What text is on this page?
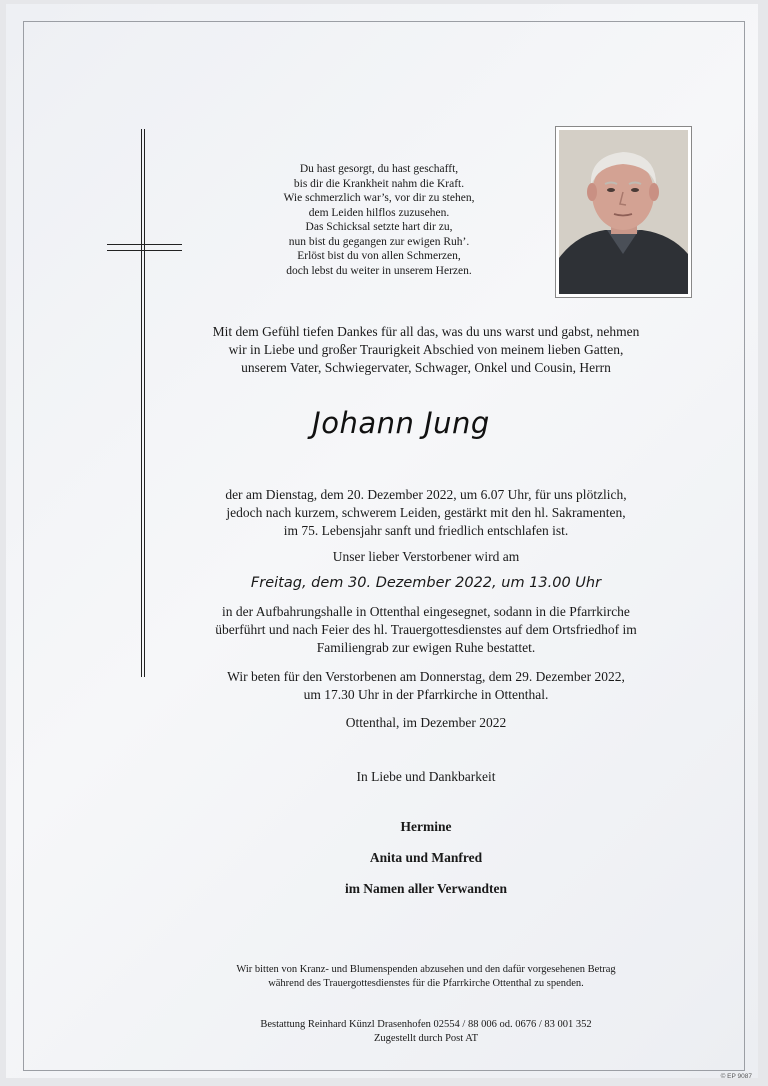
Du hast gesorgt, du hast geschafft,
bis dir die Krankheit nahm die Kraft.
Wie schmerzlich war’s, vor dir zu stehen,
dem Leiden hilflos zuzusehen.
Das Schicksal setzte hart dir zu,
nun bist du gegangen zur ewigen Ruh’.
Erlöst bist du von allen Schmerzen,
doch lebst du weiter in unserem Herzen.
Mit dem Gefühl tiefen Dankes für all das, was du uns warst und gabst, nehmen
wir in Liebe und großer Traurigkeit Abschied von meinem lieben Gatten,
unserem Vater, Schwiegervater, Schwager, Onkel und Cousin, Herrn
Johann Jung
der am Dienstag, dem 20. Dezember 2022, um 6.07 Uhr, für uns plötzlich,
jedoch nach kurzem, schwerem Leiden, gestärkt mit den hl. Sakramenten,
im 75. Lebensjahr sanft und friedlich entschlafen ist.
Unser lieber Verstorbener wird am
Freitag, dem 30. Dezember 2022, um 13.00 Uhr
in der Aufbahrungshalle in Ottenthal eingesegnet, sodann in die Pfarrkirche
überführt und nach Feier des hl. Trauergottesdienstes auf dem Ortsfriedhof im
Familiengrab zur ewigen Ruhe bestattet.
Wir beten für den Verstorbenen am Donnerstag, dem 29. Dezember 2022,
um 17.30 Uhr in der Pfarrkirche in Ottenthal.
Ottenthal, im Dezember 2022
In Liebe und Dankbarkeit
Hermine
Anita und Manfred
im Namen aller Verwandten
Wir bitten von Kranz- und Blumenspenden abzusehen und den dafür vorgesehenen Betrag
während des Trauergottesdienstes für die Pfarrkirche Ottenthal zu spenden.
Bestattung Reinhard Künzl Drasenhofen 02554 / 88 006 od. 0676 / 83 001 352
Zugestellt durch Post AT
© EP 9087
